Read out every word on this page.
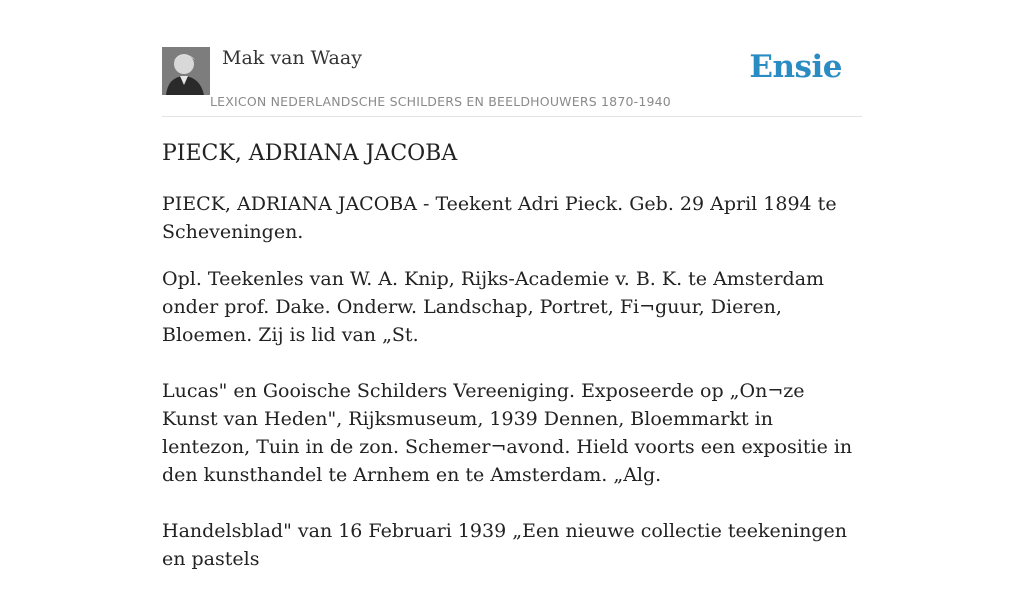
Mak van Waay
LEXICON NEDERLANDSCHE SCHILDERS EN BEELDHOUWERS 1870-1940
Ensie
PIECK, ADRIANA JACOBA

PIECK, ADRIANA JACOBA - Teekent Adri Pieck. Geb. 29 April 1894 te Scheveningen.

Opl. Teekenles van W. A. Knip, Rijks-Academie v. B. K. te Amsterdam onder prof. Dake. Onderw. Landschap, Portret, Fi¬guur, Dieren, Bloemen. Zij is lid van „St.
Lucas" en Gooische Schilders Vereeniging. Exposeerde op „On¬ze Kunst van Heden", Rijksmuseum, 1939 Dennen, Bloemmarkt in lentezon, Tuin in de zon. Schemer¬avond. Hield voorts een expositie in den kunsthandel te Arnhem en te Amsterdam. „Alg.
Handelsblad" van 16 Februari 1939 „Een nieuwe collectie teekeningen en pastels
